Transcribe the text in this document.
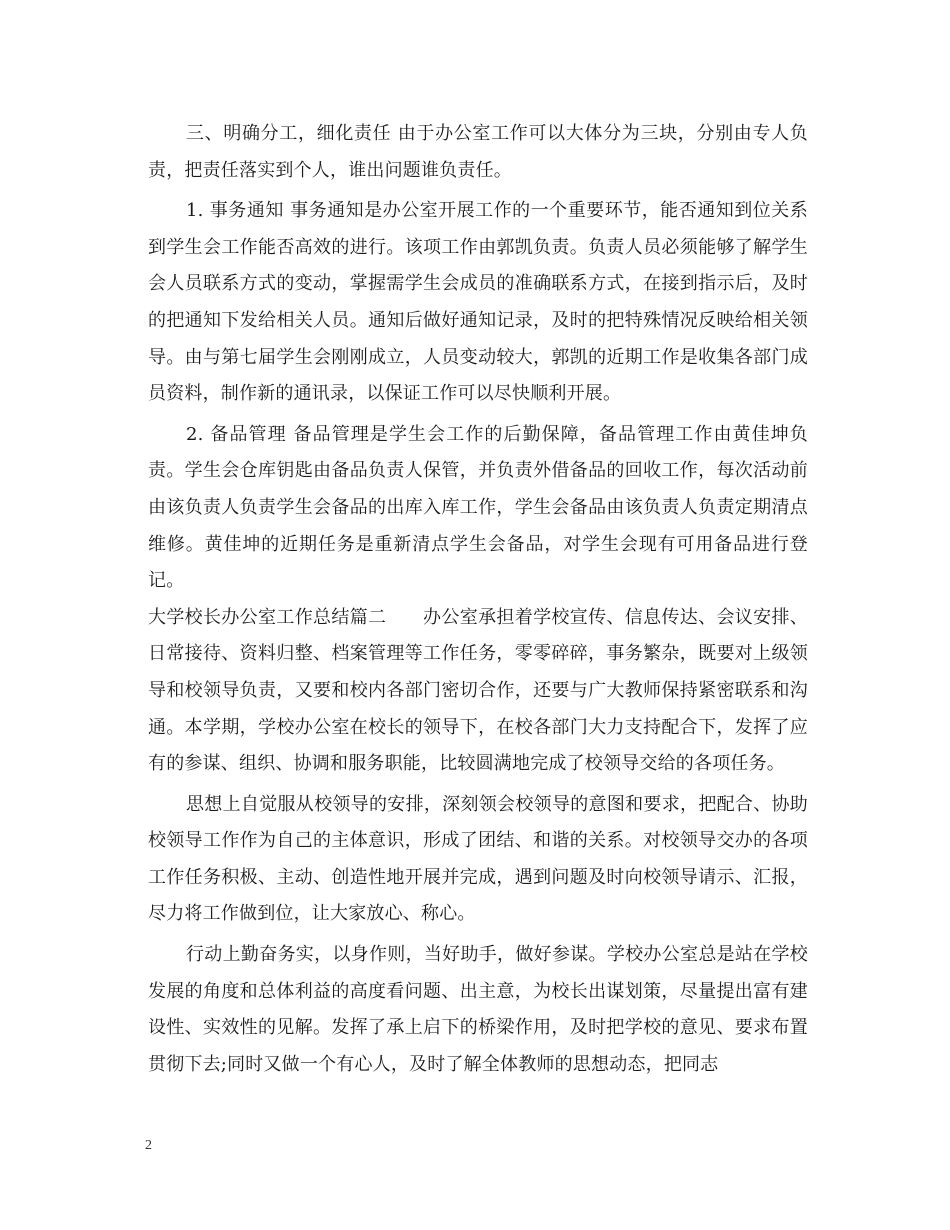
三、明确分工，细化责任 由于办公室工作可以大体分为三块，分别由专人负责，把责任落实到个人，谁出问题谁负责任。

1. 事务通知 事务通知是办公室开展工作的一个重要环节，能否通知到位关系到学生会工作能否高效的进行。该项工作由郭凯负责。负责人员必须能够了解学生会人员联系方式的变动，掌握需学生会成员的准确联系方式，在接到指示后，及时的把通知下发给相关人员。通知后做好通知记录，及时的把特殊情况反映给相关领导。由与第七届学生会刚刚成立，人员变动较大，郭凯的近期工作是收集各部门成员资料，制作新的通讯录，以保证工作可以尽快顺利开展。

2. 备品管理 备品管理是学生会工作的后勤保障，备品管理工作由黄佳坤负责。学生会仓库钥匙由备品负责人保管，并负责外借备品的回收工作，每次活动前由该负责人负责学生会备品的出库入库工作，学生会备品由该负责人负责定期清点维修。黄佳坤的近期任务是重新清点学生会备品，对学生会现有可用备品进行登记。

大学校长办公室工作总结篇二　　办公室承担着学校宣传、信息传达、会议安排、日常接待、资料归整、档案管理等工作任务，零零碎碎，事务繁杂，既要对上级领导和校领导负责，又要和校内各部门密切合作，还要与广大教师保持紧密联系和沟通。本学期，学校办公室在校长的领导下，在校各部门大力支持配合下，发挥了应有的参谋、组织、协调和服务职能，比较圆满地完成了校领导交给的各项任务。

思想上自觉服从校领导的安排，深刻领会校领导的意图和要求，把配合、协助校领导工作作为自己的主体意识，形成了团结、和谐的关系。对校领导交办的各项工作任务积极、主动、创造性地开展并完成，遇到问题及时向校领导请示、汇报，尽力将工作做到位，让大家放心、称心。

行动上勤奋务实，以身作则，当好助手，做好参谋。学校办公室总是站在学校发展的角度和总体利益的高度看问题、出主意，为校长出谋划策，尽量提出富有建设性、实效性的见解。发挥了承上启下的桥梁作用，及时把学校的意见、要求布置贯彻下去;同时又做一个有心人，及时了解全体教师的思想动态，把同志

2
